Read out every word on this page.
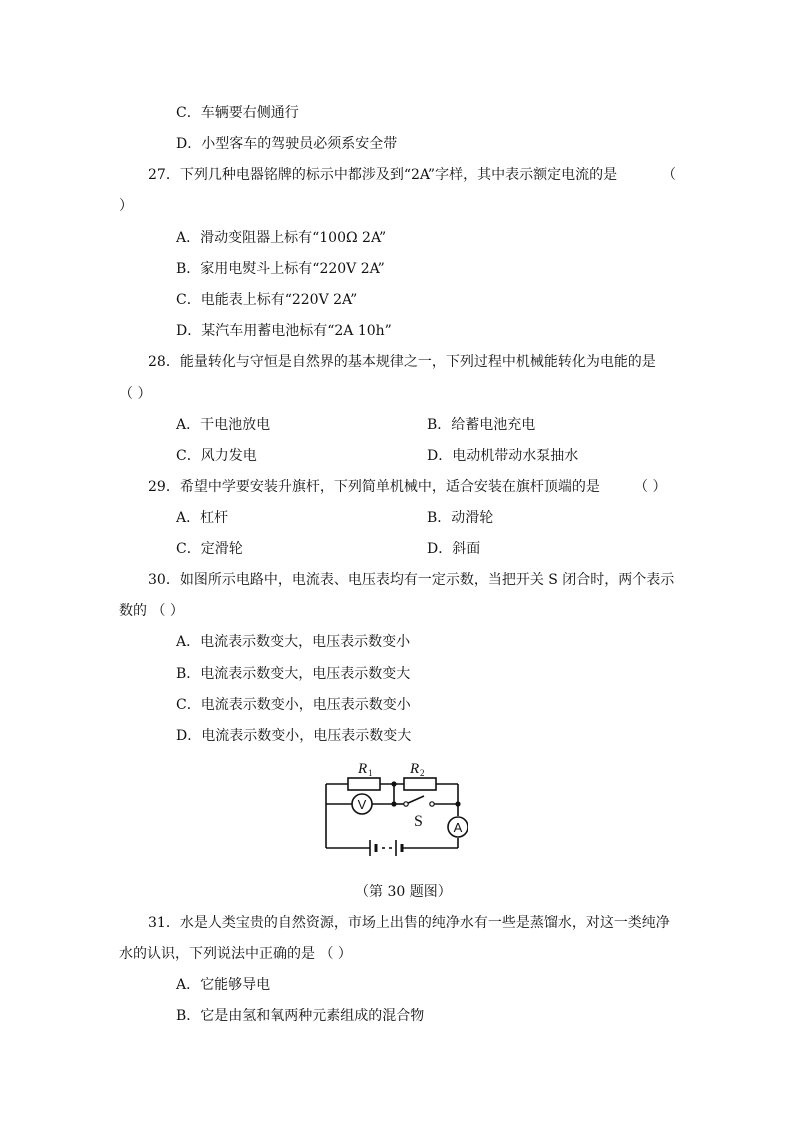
C．车辆要右侧通行
D．小型客车的驾驶员必须系安全带
27．下列几种电器铭牌的标示中都涉及到“2A”字样，其中表示额定电流的是	（
）
A．滑动变阻器上标有“100Ω 2A”
B．家用电熨斗上标有“220V 2A”
C．电能表上标有“220V 2A”
D．某汽车用蓄电池标有“2A 10h”
28．能量转化与守恒是自然界的基本规律之一，下列过程中机械能转化为电能的是
（ ）
A．干电池放电	B．给蓄电池充电
C．风力发电	D．电动机带动水泵抽水
29．希望中学要安装升旗杆，下列简单机械中，适合安装在旗杆顶端的是 （ ）
A．杠杆	B．动滑轮
C．定滑轮	D．斜面
30．如图所示电路中，电流表、电压表均有一定示数，当把开关 S 闭合时，两个表示
数的 （ ）
A．电流表示数变大，电压表示数变小
B．电流表示数变大，电压表示数变大
C．电流表示数变小，电压表示数变小
D．电流表示数变小，电压表示数变大
R 1	R 2
V
A
S
（第 30 题图）
31．水是人类宝贵的自然资源，市场上出售的纯净水有一些是蒸馏水，对这一类纯净
水的认识，下列说法中正确的是 （ ）
A．它能够导电
B．它是由氢和氧两种元素组成的混合物
